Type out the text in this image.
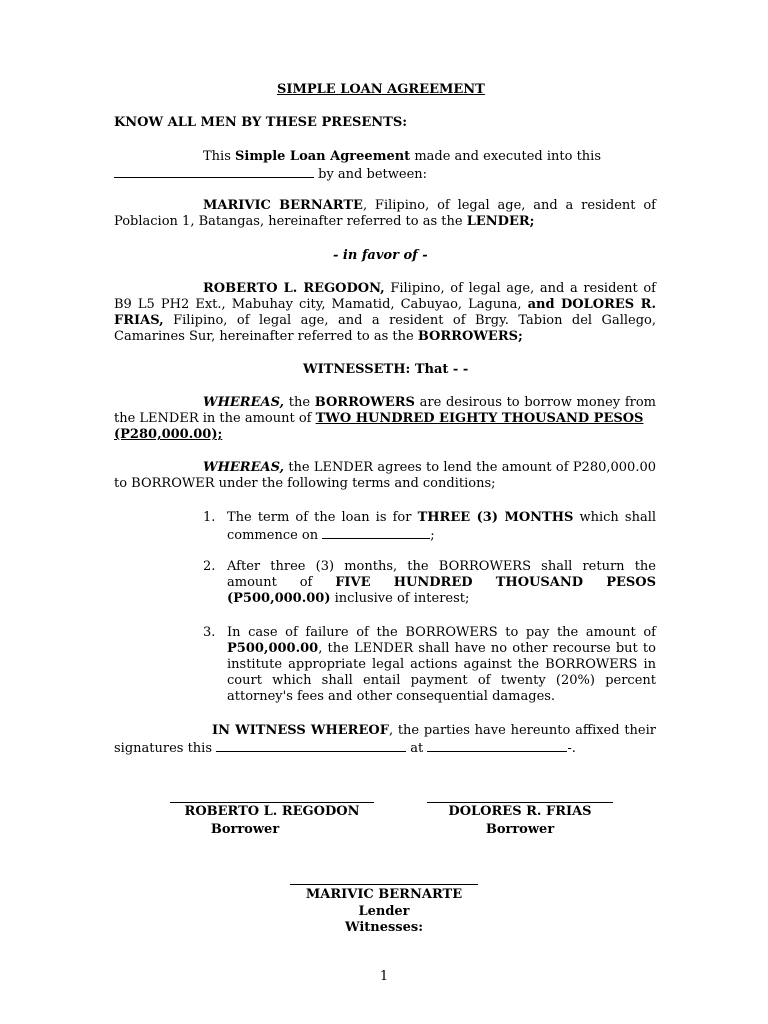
SIMPLE LOAN AGREEMENT
KNOW ALL MEN BY THESE PRESENTS:
This Simple Loan Agreement made and executed into this
by and between:
MARIVIC BERNARTE, Filipino, of legal age, and a resident of
Poblacion 1, Batangas, hereinafter referred to as the LENDER;
- in favor of -
ROBERTO L. REGODON, Filipino, of legal age, and a resident of
B9 L5 PH2 Ext., Mabuhay city, Mamatid, Cabuyao, Laguna, and DOLORES R.
FRIAS, Filipino, of legal age, and a resident of Brgy. Tabion del Gallego,
Camarines Sur, hereinafter referred to as the BORROWERS;
WITNESSETH: That - -
WHEREAS, the BORROWERS are desirous to borrow money from
the LENDER in the amount of TWO HUNDRED EIGHTY THOUSAND PESOS
(P280,000.00);
WHEREAS, the LENDER agrees to lend the amount of P280,000.00
to BORROWER under the following terms and conditions;
1. The term of the loan is for THREE (3) MONTHS which shall
commence on	;
2. After three (3) months, the BORROWERS shall return the
amount of FIVE HUNDRED THOUSAND PESOS
(P500,000.00) inclusive of interest;
3. In case of failure of the BORROWERS to pay the amount of
P500,000.00, the LENDER shall have no other recourse but to
institute appropriate legal actions against the BORROWERS in
court which shall entail payment of twenty (20%) percent
attorney's fees and other consequential damages.
IN WITNESS WHEREOF, the parties have hereunto affixed their
signatures this	at	-.
ROBERTO L. REGODON
Borrower
DOLORES R. FRIAS
Borrower
MARIVIC BERNARTE
Lender
Witnesses:
1
